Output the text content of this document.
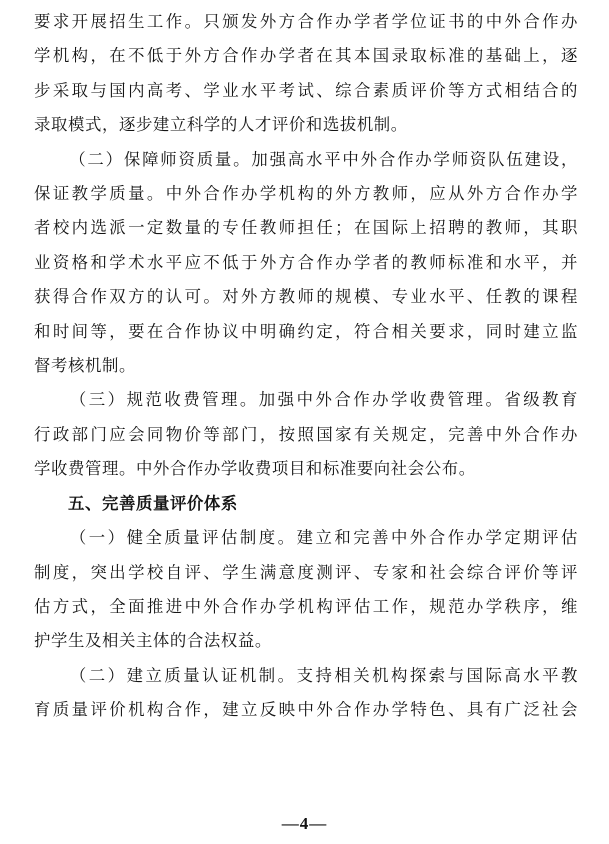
要求开展招生工作。只颁发外方合作办学者学位证书的中外合作办
学机构，在不低于外方合作办学者在其本国录取标准的基础上，逐
步采取与国内高考、学业水平考试、综合素质评价等方式相结合的
录取模式，逐步建立科学的人才评价和选拔机制。
（二）保障师资质量。加强高水平中外合作办学师资队伍建设，
保证教学质量。中外合作办学机构的外方教师，应从外方合作办学
者校内选派一定数量的专任教师担任；在国际上招聘的教师，其职
业资格和学术水平应不低于外方合作办学者的教师标准和水平，并
获得合作双方的认可。对外方教师的规模、专业水平、任教的课程
和时间等，要在合作协议中明确约定，符合相关要求，同时建立监
督考核机制。
（三）规范收费管理。加强中外合作办学收费管理。省级教育
行政部门应会同物价等部门，按照国家有关规定，完善中外合作办
学收费管理。中外合作办学收费项目和标准要向社会公布。
五、完善质量评价体系
（一）健全质量评估制度。建立和完善中外合作办学定期评估
制度，突出学校自评、学生满意度测评、专家和社会综合评价等评
估方式，全面推进中外合作办学机构评估工作，规范办学秩序，维
护学生及相关主体的合法权益。
（二）建立质量认证机制。支持相关机构探索与国际高水平教
育质量评价机构合作，建立反映中外合作办学特色、具有广泛社会
—4—
